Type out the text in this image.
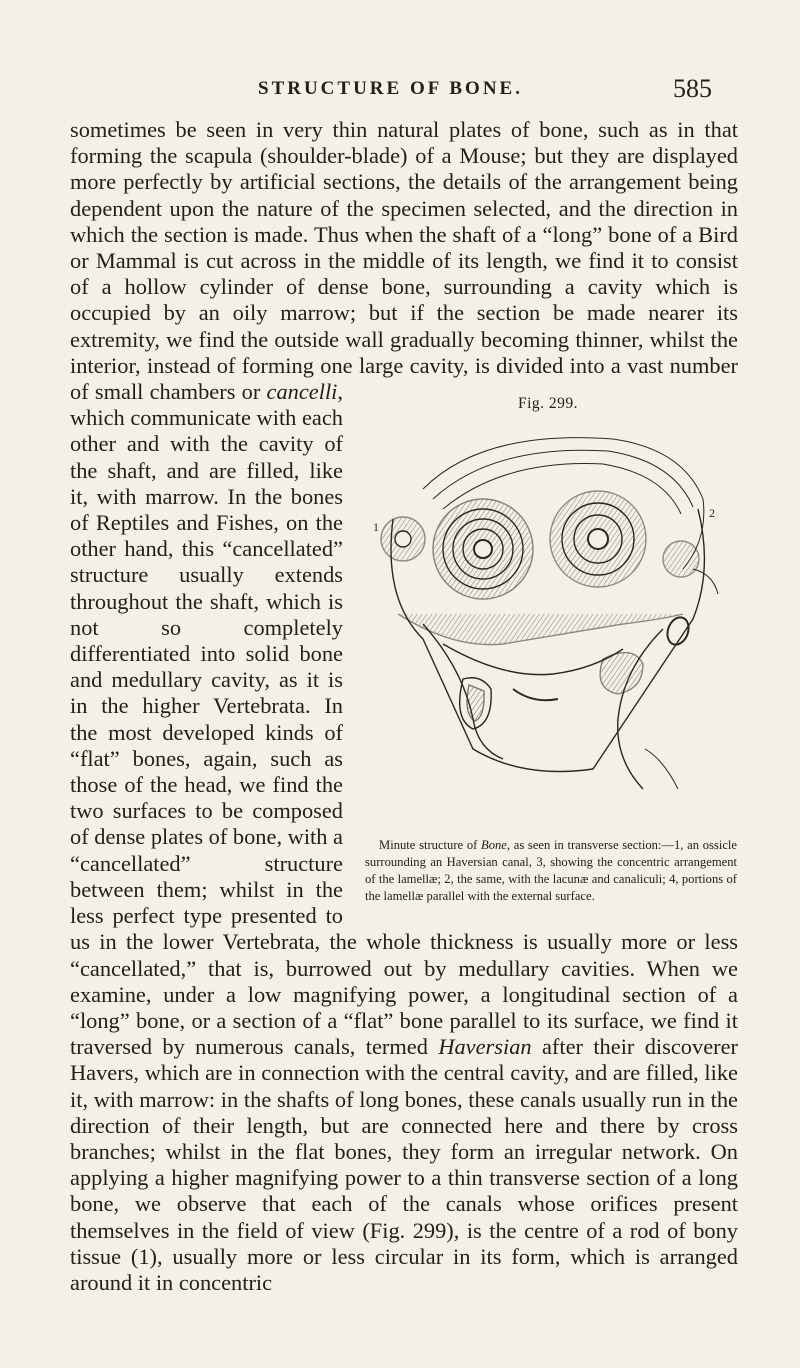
STRUCTURE OF BONE.	585

sometimes be seen in very thin natural plates of bone, such as in that forming the scapula (shoulder-blade) of a Mouse; but they are displayed more perfectly by artificial sections, the details of the arrangement being dependent upon the nature of the specimen selected, and the direction in which the section is made. Thus when the shaft of a “long” bone of a Bird or Mammal is cut across in the middle of its length, we find it to consist of a hollow cylinder of dense bone, surrounding a cavity which is occupied by an oily marrow; but if the section be made nearer its extremity, we find the outside wall gradually becoming thinner, whilst the interior, instead of forming one large cavity, is divided into a vast number of small chambers or cancelli	Fig. 299.
1
2
Minute structure of Bone, as seen in transverse section:—1, an ossicle surrounding an Haversian canal, 3, showing the concentric arrangement of the lamellæ; 2, the same, with the lacunæ and canaliculi; 4, portions of the lamellæ parallel with the external surface.
, which communicate with each other and with the cavity of the shaft, and are filled, like it, with marrow. In the bones of Reptiles and Fishes, on the other hand, this “cancellated” structure usually extends throughout the shaft, which is not so completely differentiated into solid bone and medullary cavity, as it is in the higher Vertebrata. In the most developed kinds of “flat” bones, again, such as those of the head, we find the two surfaces to be composed of dense plates of bone, with a “cancellated” structure between them; whilst in the less perfect type presented to us in the lower Vertebrata, the whole thickness is usually more or less “cancellated,” that is, burrowed out by medullary cavities. When we examine, under a low magnifying power, a longitudinal section of a “long” bone, or a section of a “flat” bone parallel to its surface, we find it traversed by numerous canals, termed Haversian after their discoverer Havers, which are in connection with the central cavity, and are filled, like it, with marrow: in the shafts of long bones, these canals usually run in the direction of their length, but are connected here and there by cross branches; whilst in the flat bones, they form an irregular network. On applying a higher magnifying power to a thin transverse section of a long bone, we observe that each of the canals whose orifices present themselves in the field of view (Fig. 299), is the centre of a rod of bony tissue (1), usually more or less circular in its form, which is arranged around it in concentric
